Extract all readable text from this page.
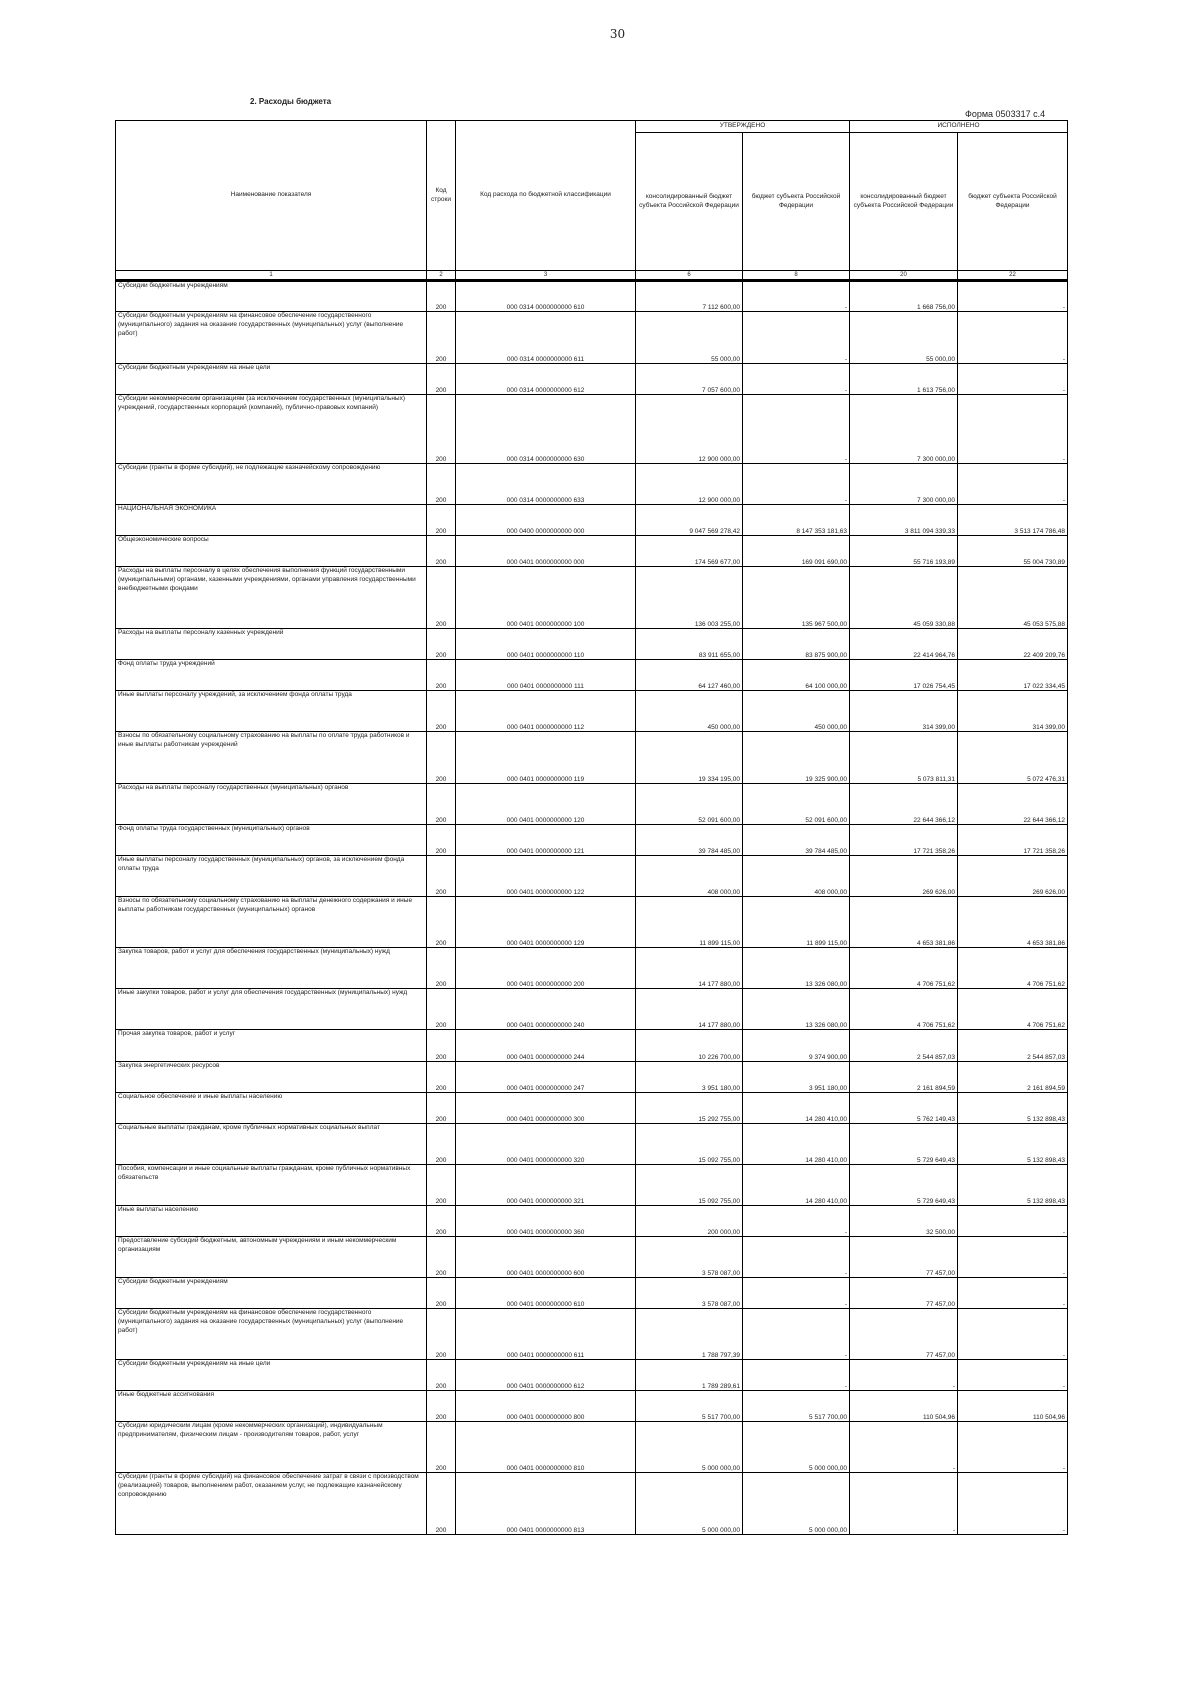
30
2. Расходы бюджета
Форма 0503317 с.4
Наименование показателя	Код строки	Код расхода по бюджетной классификации	УТВЕРЖДЕНО		ИСПОЛНЕНО	
			консолидированный бюджет субъекта Российской Федерации	бюджет субъекта Российской Федерации	консолидированный бюджет субъекта Российской Федерации	бюджет субъекта Российской Федерации
1	2	3	6	8	20	22
Субсидии бюджетным учреждениям	200	000 0314 0000000000 610	7 112 600,00	-	1 668 756,00	-
Субсидии бюджетным учреждениям на финансовое обеспечение государственного (муниципального) задания на оказание государственных (муниципальных) услуг (выполнение работ)	200	000 0314 0000000000 611	55 000,00	-	55 000,00	-
Субсидии бюджетным учреждениям на иные цели	200	000 0314 0000000000 612	7 057 600,00	-	1 613 756,00	-
Субсидии некоммерческим организациям (за исключением государственных (муниципальных) учреждений, государственных корпораций (компаний), публично-правовых компаний)	200	000 0314 0000000000 630	12 900 000,00	-	7 300 000,00	-
Субсидии (гранты в форме субсидий), не подлежащие казначейскому сопровождению	200	000 0314 0000000000 633	12 900 000,00	-	7 300 000,00	-
НАЦИОНАЛЬНАЯ ЭКОНОМИКА	200	000 0400 0000000000 000	9 047 569 278,42	8 147 353 181,63	3 811 094 339,33	3 513 174 786,48
Общеэкономические вопросы	200	000 0401 0000000000 000	174 569 677,00	169 091 690,00	55 716 193,89	55 004 730,89
Расходы на выплаты персоналу в целях обеспечения выполнения функций государственными (муниципальными) органами, казенными учреждениями, органами управления государственными внебюджетными фондами	200	000 0401 0000000000 100	136 003 255,00	135 967 500,00	45 059 330,88	45 053 575,88
Расходы на выплаты персоналу казенных учреждений	200	000 0401 0000000000 110	83 911 655,00	83 875 900,00	22 414 964,76	22 409 209,76
Фонд оплаты труда учреждений	200	000 0401 0000000000 111	64 127 460,00	64 100 000,00	17 026 754,45	17 022 334,45
Иные выплаты персоналу учреждений, за исключением фонда оплаты труда	200	000 0401 0000000000 112	450 000,00	450 000,00	314 399,00	314 399,00
Взносы по обязательному социальному страхованию на выплаты по оплате труда работников и иные выплаты работникам учреждений	200	000 0401 0000000000 119	19 334 195,00	19 325 900,00	5 073 811,31	5 072 476,31
Расходы на выплаты персоналу государственных (муниципальных) органов	200	000 0401 0000000000 120	52 091 600,00	52 091 600,00	22 644 366,12	22 644 366,12
Фонд оплаты труда государственных (муниципальных) органов	200	000 0401 0000000000 121	39 784 485,00	39 784 485,00	17 721 358,26	17 721 358,26
Иные выплаты персоналу государственных (муниципальных) органов, за исключением фонда оплаты труда	200	000 0401 0000000000 122	408 000,00	408 000,00	269 626,00	269 626,00
Взносы по обязательному социальному страхованию на выплаты денежного содержания и иные выплаты работникам государственных (муниципальных) органов	200	000 0401 0000000000 129	11 899 115,00	11 899 115,00	4 653 381,86	4 653 381,86
Закупка товаров, работ и услуг для обеспечения государственных (муниципальных) нужд	200	000 0401 0000000000 200	14 177 880,00	13 326 080,00	4 706 751,62	4 706 751,62
Иные закупки товаров, работ и услуг для обеспечения государственных (муниципальных) нужд	200	000 0401 0000000000 240	14 177 880,00	13 326 080,00	4 706 751,62	4 706 751,62
Прочая закупка товаров, работ и услуг	200	000 0401 0000000000 244	10 226 700,00	9 374 900,00	2 544 857,03	2 544 857,03
Закупка энергетических ресурсов	200	000 0401 0000000000 247	3 951 180,00	3 951 180,00	2 161 894,59	2 161 894,59
Социальное обеспечение и иные выплаты населению	200	000 0401 0000000000 300	15 292 755,00	14 280 410,00	5 762 149,43	5 132 898,43
Социальные выплаты гражданам, кроме публичных нормативных социальных выплат	200	000 0401 0000000000 320	15 092 755,00	14 280 410,00	5 729 649,43	5 132 898,43
Пособия, компенсации и иные социальные выплаты гражданам, кроме публичных нормативных обязательств	200	000 0401 0000000000 321	15 092 755,00	14 280 410,00	5 729 649,43	5 132 898,43
Иные выплаты населению	200	000 0401 0000000000 360	200 000,00	-	32 500,00	-
Предоставление субсидий бюджетным, автономным учреждениям и иным некоммерческим организациям	200	000 0401 0000000000 600	3 578 087,00	-	77 457,00	-
Субсидии бюджетным учреждениям	200	000 0401 0000000000 610	3 578 087,00	-	77 457,00	-
Субсидии бюджетным учреждениям на финансовое обеспечение государственного (муниципального) задания на оказание государственных (муниципальных) услуг (выполнение работ)	200	000 0401 0000000000 611	1 788 797,39	-	77 457,00	-
Субсидии бюджетным учреждениям на иные цели	200	000 0401 0000000000 612	1 789 289,61	-	-	-
Иные бюджетные ассигнования	200	000 0401 0000000000 800	5 517 700,00	5 517 700,00	110 504,96	110 504,96
Субсидии юридическим лицам (кроме некоммерческих организаций), индивидуальным предпринимателям, физическим лицам - производителям товаров, работ, услуг	200	000 0401 0000000000 810	5 000 000,00	5 000 000,00	-	-
Субсидии (гранты в форме субсидий) на финансовое обеспечение затрат в связи с производством (реализацией) товаров, выполнением работ, оказанием услуг, не подлежащие казначейскому сопровождению	200	000 0401 0000000000 813	5 000 000,00	5 000 000,00	-	-
